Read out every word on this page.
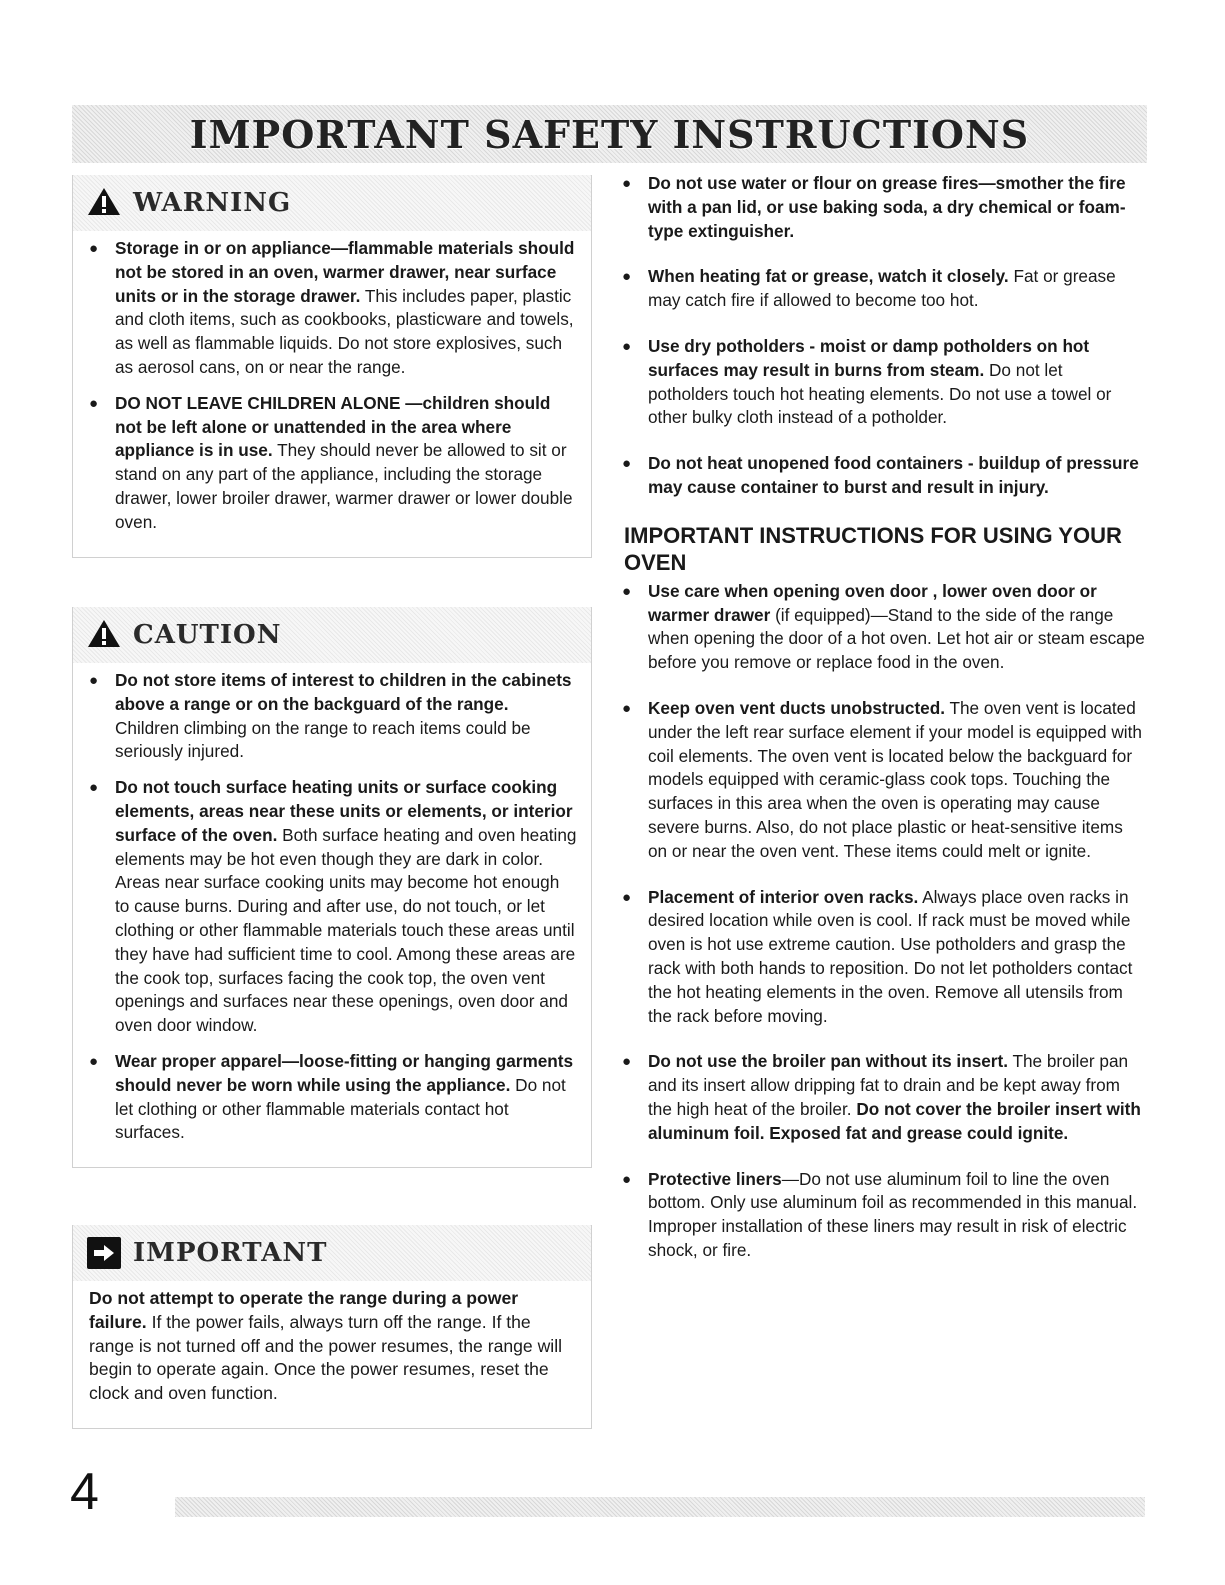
IMPORTANT SAFETY INSTRUCTIONS
WARNING
● Storage in or on appliance—flammable materials should not be stored in an oven, warmer drawer, near surface units or in the storage drawer. This includes paper, plastic and cloth items, such as cookbooks, plasticware and towels, as well as flammable liquids. Do not store explosives, such as aerosol cans, on or near the range.
● DO NOT LEAVE CHILDREN ALONE —children should not be left alone or unattended in the area where appliance is in use. They should never be allowed to sit or stand on any part of the appliance, including the storage drawer, lower broiler drawer, warmer drawer or lower double oven.
CAUTION
● Do not store items of interest to children in the cabinets above a range or on the backguard of the range. Children climbing on the range to reach items could be seriously injured.
● Do not touch surface heating units or surface cooking elements, areas near these units or elements, or interior surface of the oven. Both surface heating and oven heating elements may be hot even though they are dark in color. Areas near surface cooking units may become hot enough to cause burns. During and after use, do not touch, or let clothing or other flammable materials touch these areas until they have had sufficient time to cool. Among these areas are the cook top, surfaces facing the cook top, the oven vent openings and surfaces near these openings, oven door and oven door window.
● Wear proper apparel—loose-fitting or hanging garments should never be worn while using the appliance. Do not let clothing or other flammable materials contact hot surfaces.
IMPORTANT
Do not attempt to operate the range during a power failure. If the power fails, always turn off the range. If the range is not turned off and the power resumes, the range will begin to operate again. Once the power resumes, reset the clock and oven function.
● Do not use water or flour on grease fires—smother the fire with a pan lid, or use baking soda, a dry chemical or foam-type extinguisher.
● When heating fat or grease, watch it closely. Fat or grease may catch fire if allowed to become too hot.
● Use dry potholders - moist or damp potholders on hot surfaces may result in burns from steam. Do not let potholders touch hot heating elements. Do not use a towel or other bulky cloth instead of a potholder.
● Do not heat unopened food containers - buildup of pressure may cause container to burst and result in injury.
IMPORTANT INSTRUCTIONS FOR USING YOUR OVEN
● Use care when opening oven door , lower oven door or warmer drawer (if equipped)—Stand to the side of the range when opening the door of a hot oven. Let hot air or steam escape before you remove or replace food in the oven.
● Keep oven vent ducts unobstructed. The oven vent is located under the left rear surface element if your model is equipped with coil elements. The oven vent is located below the backguard for models equipped with ceramic-glass cook tops. Touching the surfaces in this area when the oven is operating may cause severe burns. Also, do not place plastic or heat-sensitive items on or near the oven vent. These items could melt or ignite.
● Placement of interior oven racks. Always place oven racks in desired location while oven is cool. If rack must be moved while oven is hot use extreme caution. Use potholders and grasp the rack with both hands to reposition. Do not let potholders contact the hot heating elements in the oven. Remove all utensils from the rack before moving.
● Do not use the broiler pan without its insert. The broiler pan and its insert allow dripping fat to drain and be kept away from the high heat of the broiler. Do not cover the broiler insert with aluminum foil. Exposed fat and grease could ignite.
● Protective liners—Do not use aluminum foil to line the oven bottom. Only use aluminum foil as recommended in this manual. Improper installation of these liners may result in risk of electric shock, or fire.
4
